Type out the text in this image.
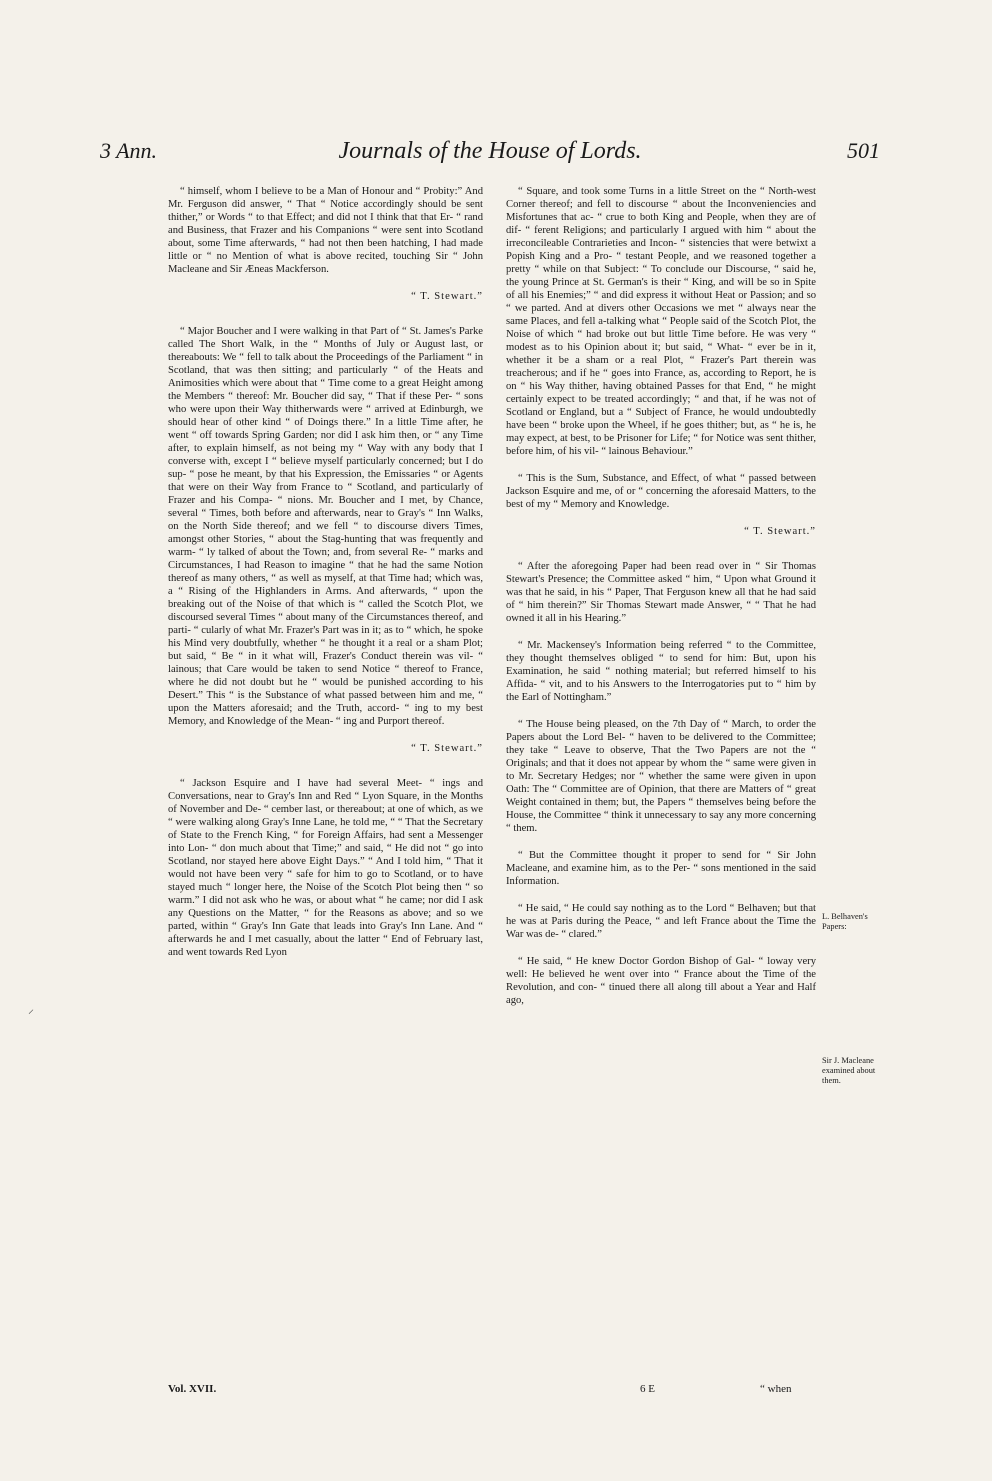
3 Ann.	Journals of the House of Lords.	501

“ himself, whom I believe to be a Man of Honour and “ Probity:” And Mr. Ferguson did answer, “ That “ Notice accordingly should be sent thither,” or Words “ to that Effect; and did not I think that that Er- “ rand and Business, that Frazer and his Companions “ were sent into Scotland about, some Time afterwards, “ had not then been hatching, I had made little or “ no Mention of what is above recited, touching Sir “ John Macleane and Sir Æneas Mackferson.

“ T. Stewart.”

“ Major Boucher and I were walking in that Part of “ St. James's Parke called The Short Walk, in the “ Months of July or August last, or thereabouts: We “ fell to talk about the Proceedings of the Parliament “ in Scotland, that was then sitting; and particularly “ of the Heats and Animosities which were about that “ Time come to a great Height among the Members “ thereof: Mr. Boucher did say, “ That if these Per- “ sons who were upon their Way thitherwards were “ arrived at Edinburgh, we should hear of other kind “ of Doings there.” In a little Time after, he went “ off towards Spring Garden; nor did I ask him then, or “ any Time after, to explain himself, as not being my “ Way with any body that I converse with, except I “ believe myself particularly concerned; but I do sup- “ pose he meant, by that his Expression, the Emissaries “ or Agents that were on their Way from France to “ Scotland, and particularly of Frazer and his Compa- “ nions. Mr. Boucher and I met, by Chance, several “ Times, both before and afterwards, near to Gray's “ Inn Walks, on the North Side thereof; and we fell “ to discourse divers Times, amongst other Stories, “ about the Stag-hunting that was frequently and warm- “ ly talked of about the Town; and, from several Re- “ marks and Circumstances, I had Reason to imagine “ that he had the same Notion thereof as many others, “ as well as myself, at that Time had; which was, a “ Rising of the Highlanders in Arms. And afterwards, “ upon the breaking out of the Noise of that which is “ called the Scotch Plot, we discoursed several Times “ about many of the Circumstances thereof, and parti- “ cularly of what Mr. Frazer's Part was in it; as to “ which, he spoke his Mind very doubtfully, whether “ he thought it a real or a sham Plot; but said, “ Be “ in it what will, Frazer's Conduct therein was vil- “ lainous; that Care would be taken to send Notice “ thereof to France, where he did not doubt but he “ would be punished according to his Desert.” This “ is the Substance of what passed between him and me, “ upon the Matters aforesaid; and the Truth, accord- “ ing to my best Memory, and Knowledge of the Mean- “ ing and Purport thereof.

“ T. Stewart.”

“ Jackson Esquire and I have had several Meet- “ ings and Conversations, near to Gray's Inn and Red “ Lyon Square, in the Months of November and De- “ cember last, or thereabout; at one of which, as we “ were walking along Gray's Inne Lane, he told me, “ “ That the Secretary of State to the French King, “ for Foreign Affairs, had sent a Messenger into Lon- “ don much about that Time;” and said, “ He did not “ go into Scotland, nor stayed here above Eight Days.” “ And I told him, “ That it would not have been very “ safe for him to go to Scotland, or to have stayed much “ longer here, the Noise of the Scotch Plot being then “ so warm.” I did not ask who he was, or about what “ he came; nor did I ask any Questions on the Matter, “ for the Reasons as above; and so we parted, within “ Gray's Inn Gate that leads into Gray's Inn Lane. And “ afterwards he and I met casually, about the latter “ End of February last, and went towards Red Lyon

“ Square, and took some Turns in a little Street on the “ North-west Corner thereof; and fell to discourse “ about the Inconveniencies and Misfortunes that ac- “ crue to both King and People, when they are of dif- “ ferent Religions; and particularly I argued with him “ about the irreconcileable Contrarieties and Incon- “ sistencies that were betwixt a Popish King and a Pro- “ testant People, and we reasoned together a pretty “ while on that Subject: “ To conclude our Discourse, “ said he, the young Prince at St. German's is their “ King, and will be so in Spite of all his Enemies;” “ and did express it without Heat or Passion; and so “ we parted. And at divers other Occasions we met “ always near the same Places, and fell a-talking what “ People said of the Scotch Plot, the Noise of which “ had broke out but little Time before. He was very “ modest as to his Opinion about it; but said, “ What- “ ever be in it, whether it be a sham or a real Plot, “ Frazer's Part therein was treacherous; and if he “ goes into France, as, according to Report, he is on “ his Way thither, having obtained Passes for that End, “ he might certainly expect to be treated accordingly; “ and that, if he was not of Scotland or England, but a “ Subject of France, he would undoubtedly have been “ broke upon the Wheel, if he goes thither; but, as “ he is, he may expect, at best, to be Prisoner for Life; “ for Notice was sent thither, before him, of his vil- “ lainous Behaviour.”

“ This is the Sum, Substance, and Effect, of what “ passed between Jackson Esquire and me, of or “ concerning the aforesaid Matters, to the best of my “ Memory and Knowledge.

“ T. Stewart.”

“ After the aforegoing Paper had been read over in “ Sir Thomas Stewart's Presence; the Committee asked “ him, “ Upon what Ground it was that he said, in his “ Paper, That Ferguson knew all that he had said of “ him therein?” Sir Thomas Stewart made Answer, “ “ That he had owned it all in his Hearing.”

“ Mr. Mackensey's Information being referred “ to the Committee, they thought themselves obliged “ to send for him: But, upon his Examination, he said “ nothing material; but referred himself to his Affida- “ vit, and to his Answers to the Interrogatories put to “ him by the Earl of Nottingham.”

“ The House being pleased, on the 7th Day of “ March, to order the Papers about the Lord Bel- “ haven to be delivered to the Committee; they take “ Leave to observe, That the Two Papers are not the “ Originals; and that it does not appear by whom the “ same were given in to Mr. Secretary Hedges; nor “ whether the same were given in upon Oath: The “ Committee are of Opinion, that there are Matters of “ great Weight contained in them; but, the Papers “ themselves being before the House, the Committee “ think it unnecessary to say any more concerning “ them.

“ But the Committee thought it proper to send for “ Sir John Macleane, and examine him, as to the Per- “ sons mentioned in the said Information.

“ He said, “ He could say nothing as to the Lord “ Belhaven; but that he was at Paris during the Peace, “ and left France about the Time the War was de- “ clared.”

“ He said, “ He knew Doctor Gordon Bishop of Gal- “ loway very well: He believed he went over into “ France about the Time of the Revolution, and con- “ tinued there all along till about a Year and Half ago,

L. Belhaven's Papers:
Sir J. Macleane examined about them.
⸝
Vol. XVII.	6 E	“ when
